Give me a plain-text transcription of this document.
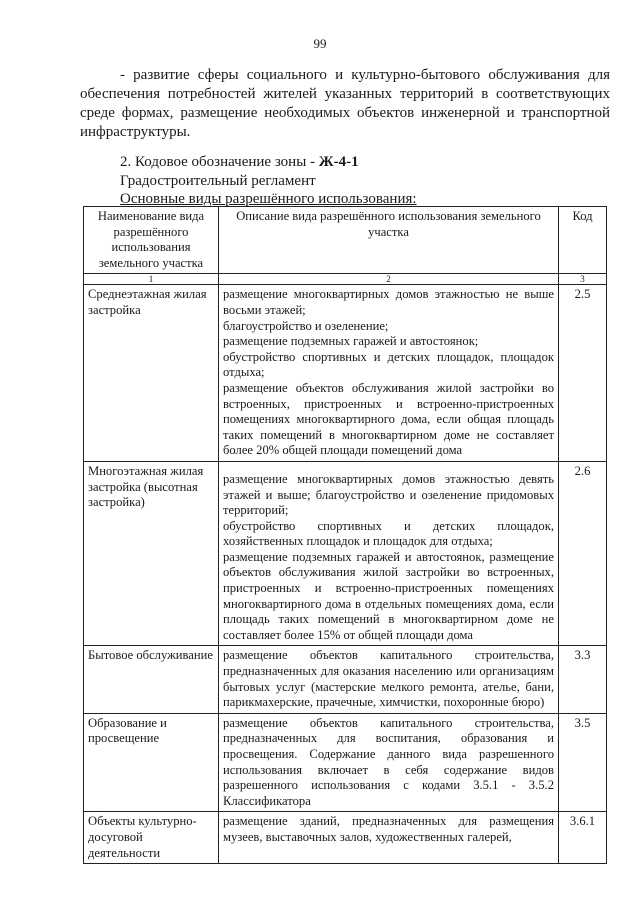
99

- развитие сферы социального и культурно-бытового обслуживания для обеспечения потребностей жителей указанных территорий в соответствующих среде формах, размещение необходимых объектов инженерной и транспортной инфраструктуры.

2. Кодовое обозначение зоны - Ж-4-1

Градостроительный регламент

Основные виды разрешённого использования:

Наименование вида разрешённого использования земельного участка	Описание вида разрешённого использования земельного участка	Код
1	2	3
Среднеэтажная жилая застройка	размещение многоквартирных домов этажностью не выше восьми этажей;
благоустройство и озеленение;
размещение подземных гаражей и автостоянок;
обустройство спортивных и детских площадок, площадок отдыха;
размещение объектов обслуживания жилой застройки во встроенных, пристроенных и встроенно-пристроенных помещениях многоквартирного дома, если общая площадь таких помещений в многоквартирном доме не составляет более 20% общей площади помещений дома	2.5
Многоэтажная жилая застройка (высотная застройка)	размещение многоквартирных домов этажностью девять этажей и выше; благоустройство и озеленение придомовых территорий;
обустройство спортивных и детских площадок, хозяйственных площадок и площадок для отдыха;
размещение подземных гаражей и автостоянок, размещение объектов обслуживания жилой застройки во встроенных, пристроенных и встроенно-пристроенных помещениях многоквартирного дома в отдельных помещениях дома, если площадь таких помещений в многоквартирном доме не составляет более 15% от общей площади дома	2.6
Бытовое обслуживание	размещение объектов капитального строительства, предназначенных для оказания населению или организациям бытовых услуг (мастерские мелкого ремонта, ателье, бани, парикмахерские, прачечные, химчистки, похоронные бюро)	3.3
Образование и просвещение	размещение объектов капитального строительства, предназначенных для воспитания, образования и просвещения. Содержание данного вида разрешенного использования включает в себя содержание видов разрешенного использования с кодами 3.5.1 - 3.5.2 Классификатора	3.5
Объекты культурно-досуговой деятельности	размещение зданий, предназначенных для размещения музеев, выставочных залов, художественных галерей,	3.6.1
